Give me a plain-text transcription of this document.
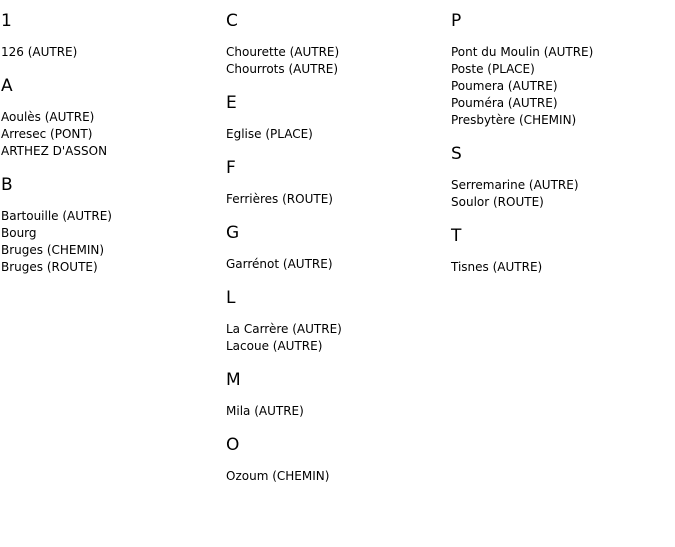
1
126 (AUTRE)
A
Aoulès (AUTRE)
Arresec (PONT)
ARTHEZ D'ASSON
B
Bartouille (AUTRE)
Bourg
Bruges (CHEMIN)
Bruges (ROUTE)
C
Chourette (AUTRE)
Chourrots (AUTRE)
E
Eglise (PLACE)
F
Ferrières (ROUTE)
G
Garrénot (AUTRE)
L
La Carrère (AUTRE)
Lacoue (AUTRE)
M
Mila (AUTRE)
O
Ozoum (CHEMIN)
P
Pont du Moulin (AUTRE)
Poste (PLACE)
Poumera (AUTRE)
Pouméra (AUTRE)
Presbytère (CHEMIN)
S
Serremarine (AUTRE)
Soulor (ROUTE)
T
Tisnes (AUTRE)
